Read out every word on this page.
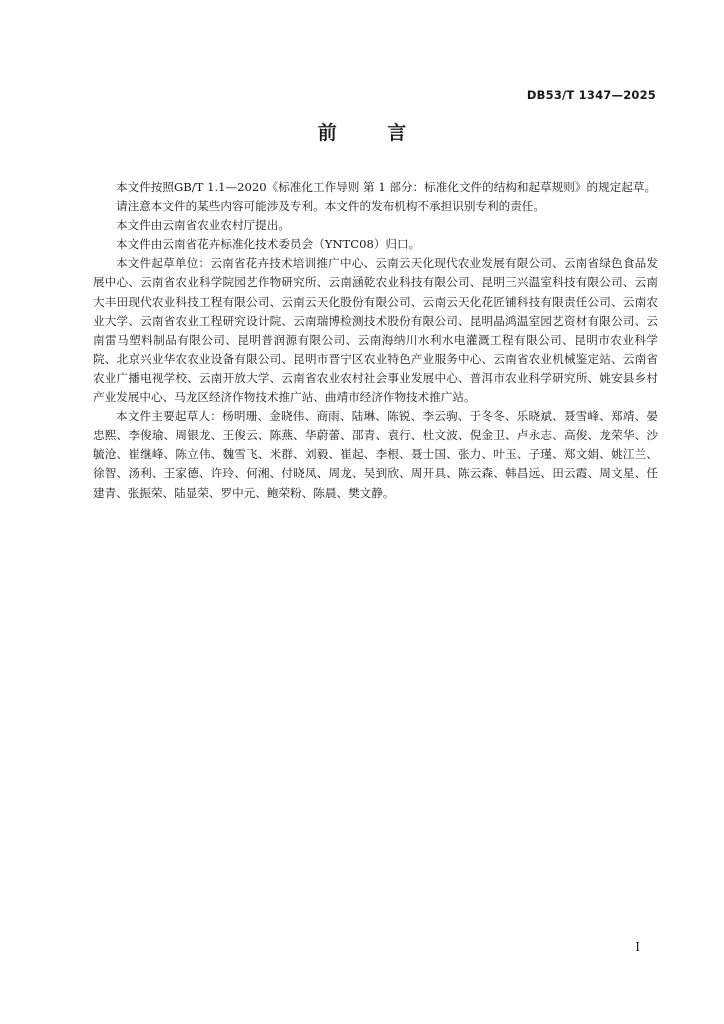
DB53/T 1347—2025
前 言

本文件按照GB/T 1.1—2020《标准化工作导则 第 1 部分：标准化文件的结构和起草规则》的规定起草。

请注意本文件的某些内容可能涉及专利。本文件的发布机构不承担识别专利的责任。

本文件由云南省农业农村厅提出。

本文件由云南省花卉标准化技术委员会（YNTC08）归口。

本文件起草单位：云南省花卉技术培训推广中心、云南云天化现代农业发展有限公司、云南省绿色食品发展中心、云南省农业科学院园艺作物研究所、云南涵乾农业科技有限公司、昆明三兴温室科技有限公司、云南大丰田现代农业科技工程有限公司、云南云天化股份有限公司、云南云天化花匠铺科技有限责任公司、云南农业大学、云南省农业工程研究设计院、云南瑞博检测技术股份有限公司、昆明晶鸿温室园艺资材有限公司、云南雷马塑料制品有限公司、昆明普润源有限公司、云南海纳川水利水电灌溉工程有限公司、昆明市农业科学院、北京兴业华农农业设备有限公司、昆明市晋宁区农业特色产业服务中心、云南省农业机械鉴定站、云南省农业广播电视学校、云南开放大学、云南省农业农村社会事业发展中心、普洱市农业科学研究所、姚安县乡村产业发展中心、马龙区经济作物技术推广站、曲靖市经济作物技术推广站。

本文件主要起草人：杨明珊、金晓伟、商雨、陆琳、陈锐、李云驹、于冬冬、乐晓斌、聂雪峰、郑靖、晏忠熙、李俊瑜、周银龙、王俊云、陈燕、华蔚蕾、邵青、袁行、杜文波、倪金卫、卢永志、高俊、龙荣华、沙毓沧、崔继峰、陈立伟、魏雪飞、米群、刘毅、崔起、李根、聂士国、张力、叶玉、子瑾、郑文娟、姚江兰、徐智、汤利、王家德、许玲、何湘、付晓凤、周龙、吴到欣、周开具、陈云森、韩昌远、田云霞、周文星、任建青、张振荣、陆显荣、罗中元、鲍荣粉、陈晨、樊文静。

I
